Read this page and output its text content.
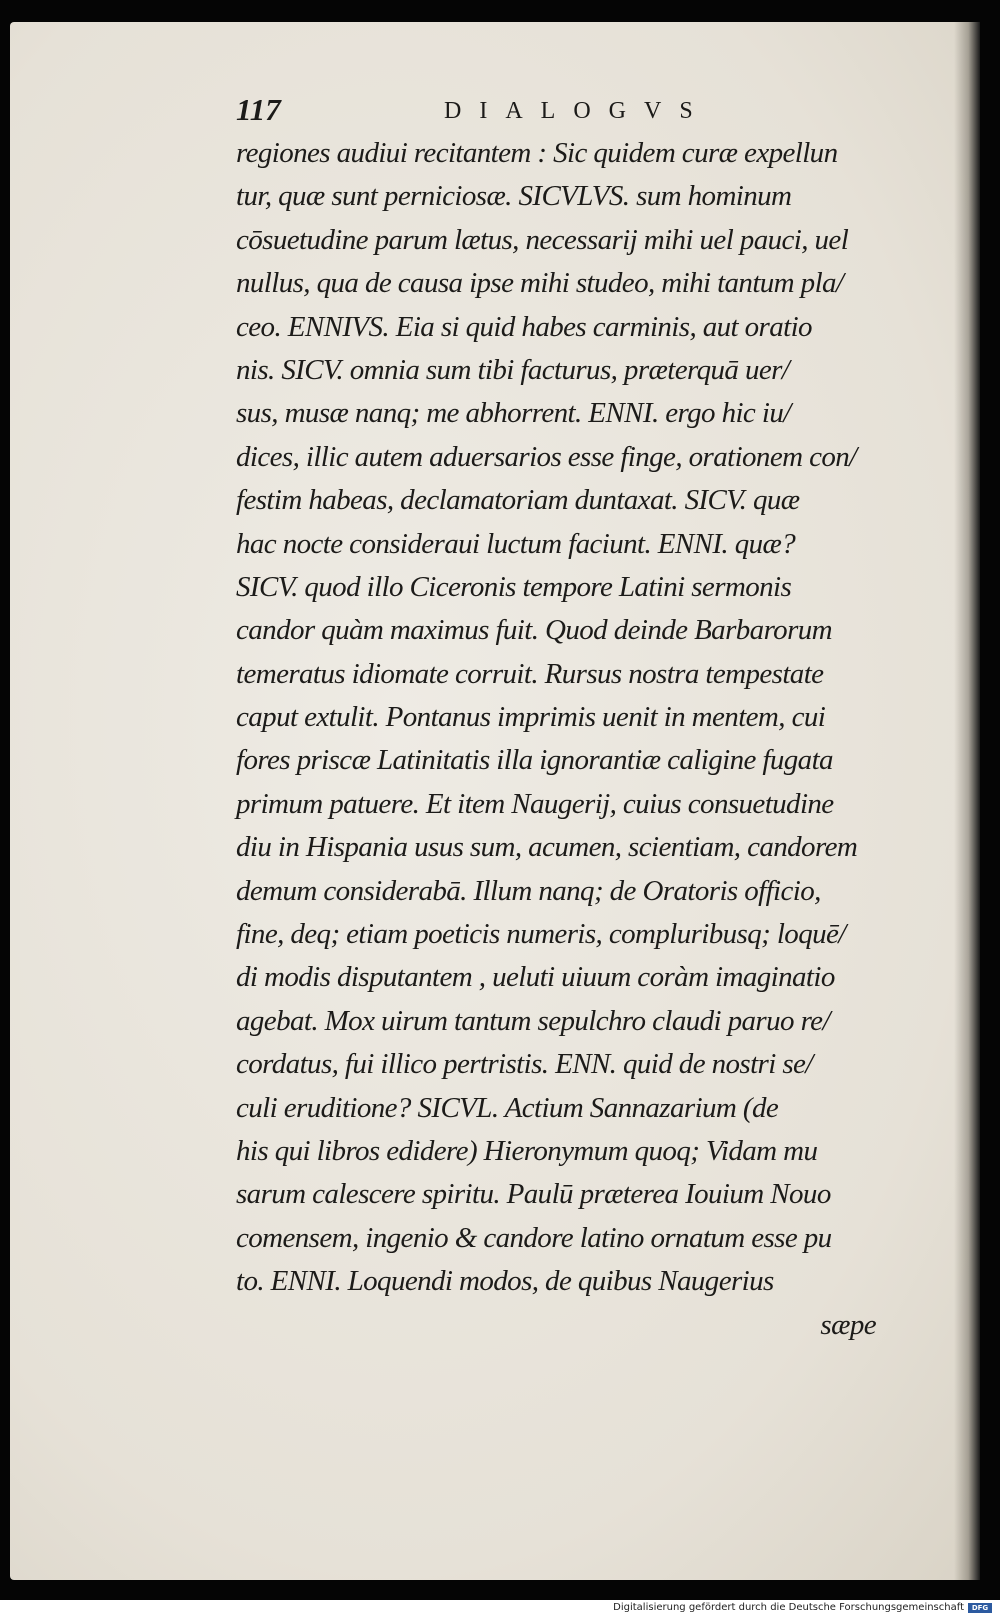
117	DIALOGVS
regiones audiui recitantem : Sic quidem curæ expellun
tur, quæ sunt perniciosæ. SICVLVS. sum hominum
cōsuetudine parum lætus, necessarij mihi uel pauci, uel
nullus, qua de causa ipse mihi studeo, mihi tantum pla/
ceo. ENNIVS. Eia si quid habes carminis, aut oratio
nis. SICV. omnia sum tibi facturus, præterquā uer/
sus, musæ nanq; me abhorrent. ENNI. ergo hic iu/
dices, illic autem aduersarios esse finge, orationem con/
festim habeas, declamatoriam duntaxat. SICV. quæ
hac nocte consideraui luctum faciunt. ENNI. quæ?
SICV. quod illo Ciceronis tempore Latini sermonis
candor quàm maximus fuit. Quod deinde Barbarorum
temeratus idiomate corruit. Rursus nostra tempestate
caput extulit. Pontanus imprimis uenit in mentem, cui
fores priscæ Latinitatis illa ignorantiæ caligine fugata
primum patuere. Et item Naugerij, cuius consuetudine
diu in Hispania usus sum, acumen, scientiam, candorem
demum considerabā. Illum nanq; de Oratoris officio,
fine, deq; etiam poeticis numeris, compluribusq; loquē/
di modis disputantem , ueluti uiuum coràm imaginatio
agebat. Mox uirum tantum sepulchro claudi paruo re/
cordatus, fui illico pertristis. ENN. quid de nostri se/
culi eruditione? SICVL. Actium Sannazarium (de
his qui libros edidere) Hieronymum quoq; Vidam mu
sarum calescere spiritu. Paulū præterea Iouium Nouo
comensem, ingenio & candore latino ornatum esse pu
to. ENNI. Loquendi modos, de quibus Naugerius
sæpe
Digitalisierung gefördert durch die Deutsche Forschungsgemeinschaft	DFG
